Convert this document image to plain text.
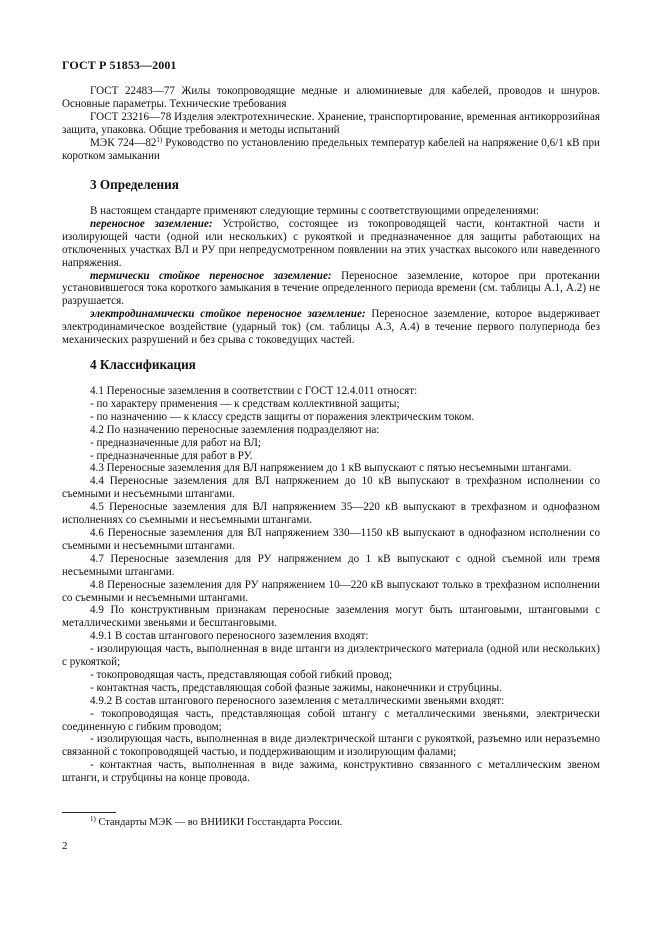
ГОСТ Р 51853—2001

ГОСТ 22483—77 Жилы токопроводящие медные и алюминиевые для кабелей, проводов и шнуров. Основные параметры. Технические требования

ГОСТ 23216—78 Изделия электротехнические. Хранение, транспортирование, временная антикоррозийная защита, упаковка. Общие требования и методы испытаний

МЭК 724—82$^{1)}$ Руководство по установлению предельных температур кабелей на напряжение 0,6/1 кВ при коротком замыкании

3 Определения

В настоящем стандарте применяют следующие термины с соответствующими определениями:

переносное заземление: Устройство, состоящее из токопроводящей части, контактной части и изолирующей части (одной или нескольких) с рукояткой и предназначенное для защиты работающих на отключенных участках ВЛ и РУ при непредусмотренном появлении на этих участках высокого или наведенного напряжения.

термически стойкое переносное заземление: Переносное заземление, которое при протекании установившегося тока короткого замыкания в течение определенного периода времени (см. таблицы А.1, А.2) не разрушается.

электродинамически стойкое переносное заземление: Переносное заземление, которое выдерживает электродинамическое воздействие (ударный ток) (см. таблицы А.3, А.4) в течение первого полупериода без механических разрушений и без срыва с токоведущих частей.

4 Классификация

4.1 Переносные заземления в соответствии с ГОСТ 12.4.011 относят:

- по характеру применения — к средствам коллективной защиты;

- по назначению — к классу средств защиты от поражения электрическим током.

4.2 По назначению переносные заземления подразделяют на:

- предназначенные для работ на ВЛ;

- предназначенные для работ в РУ.

4.3 Переносные заземления для ВЛ напряжением до 1 кВ выпускают с пятью несъемными штангами.

4.4 Переносные заземления для ВЛ напряжением до 10 кВ выпускают в трехфазном исполнении со съемными и несъемными штангами.

4.5 Переносные заземления для ВЛ напряжением 35—220 кВ выпускают в трехфазном и однофазном исполнениях со съемными и несъемными штангами.

4.6 Переносные заземления для ВЛ напряжением 330—1150 кВ выпускают в однофазном исполнении со съемными и несъемными штангами.

4.7 Переносные заземления для РУ напряжением до 1 кВ выпускают с одной съемной или тремя несъемными штангами.

4.8 Переносные заземления для РУ напряжением 10—220 кВ выпускают только в трехфазном исполнении со съемными и несъемными штангами.

4.9 По конструктивным признакам переносные заземления могут быть штанговыми, штанговыми с металлическими звеньями и бесштанговыми.

4.9.1 В состав штангового переносного заземления входят:

- изолирующая часть, выполненная в виде штанги из диэлектрического материала (одной или нескольких) с рукояткой;

- токопроводящая часть, представляющая собой гибкий провод;

- контактная часть, представляющая собой фазные зажимы, наконечники и струбцины.

4.9.2 В состав штангового переносного заземления с металлическими звеньями входят:

- токопроводящая часть, представляющая собой штангу с металлическими звеньями, электрически соединенную с гибким проводом;

- изолирующая часть, выполненная в виде диэлектрической штанги с рукояткой, разъемно или неразъемно связанной с токопроводящей частью, и поддерживающим и изолирующим фалами;

- контактная часть, выполненная в виде зажима, конструктивно связанного с металлическим звеном штанги, и струбцины на конце провода.

$^{1)}$ Стандарты МЭК — во ВНИИКИ Госстандарта России.
2
